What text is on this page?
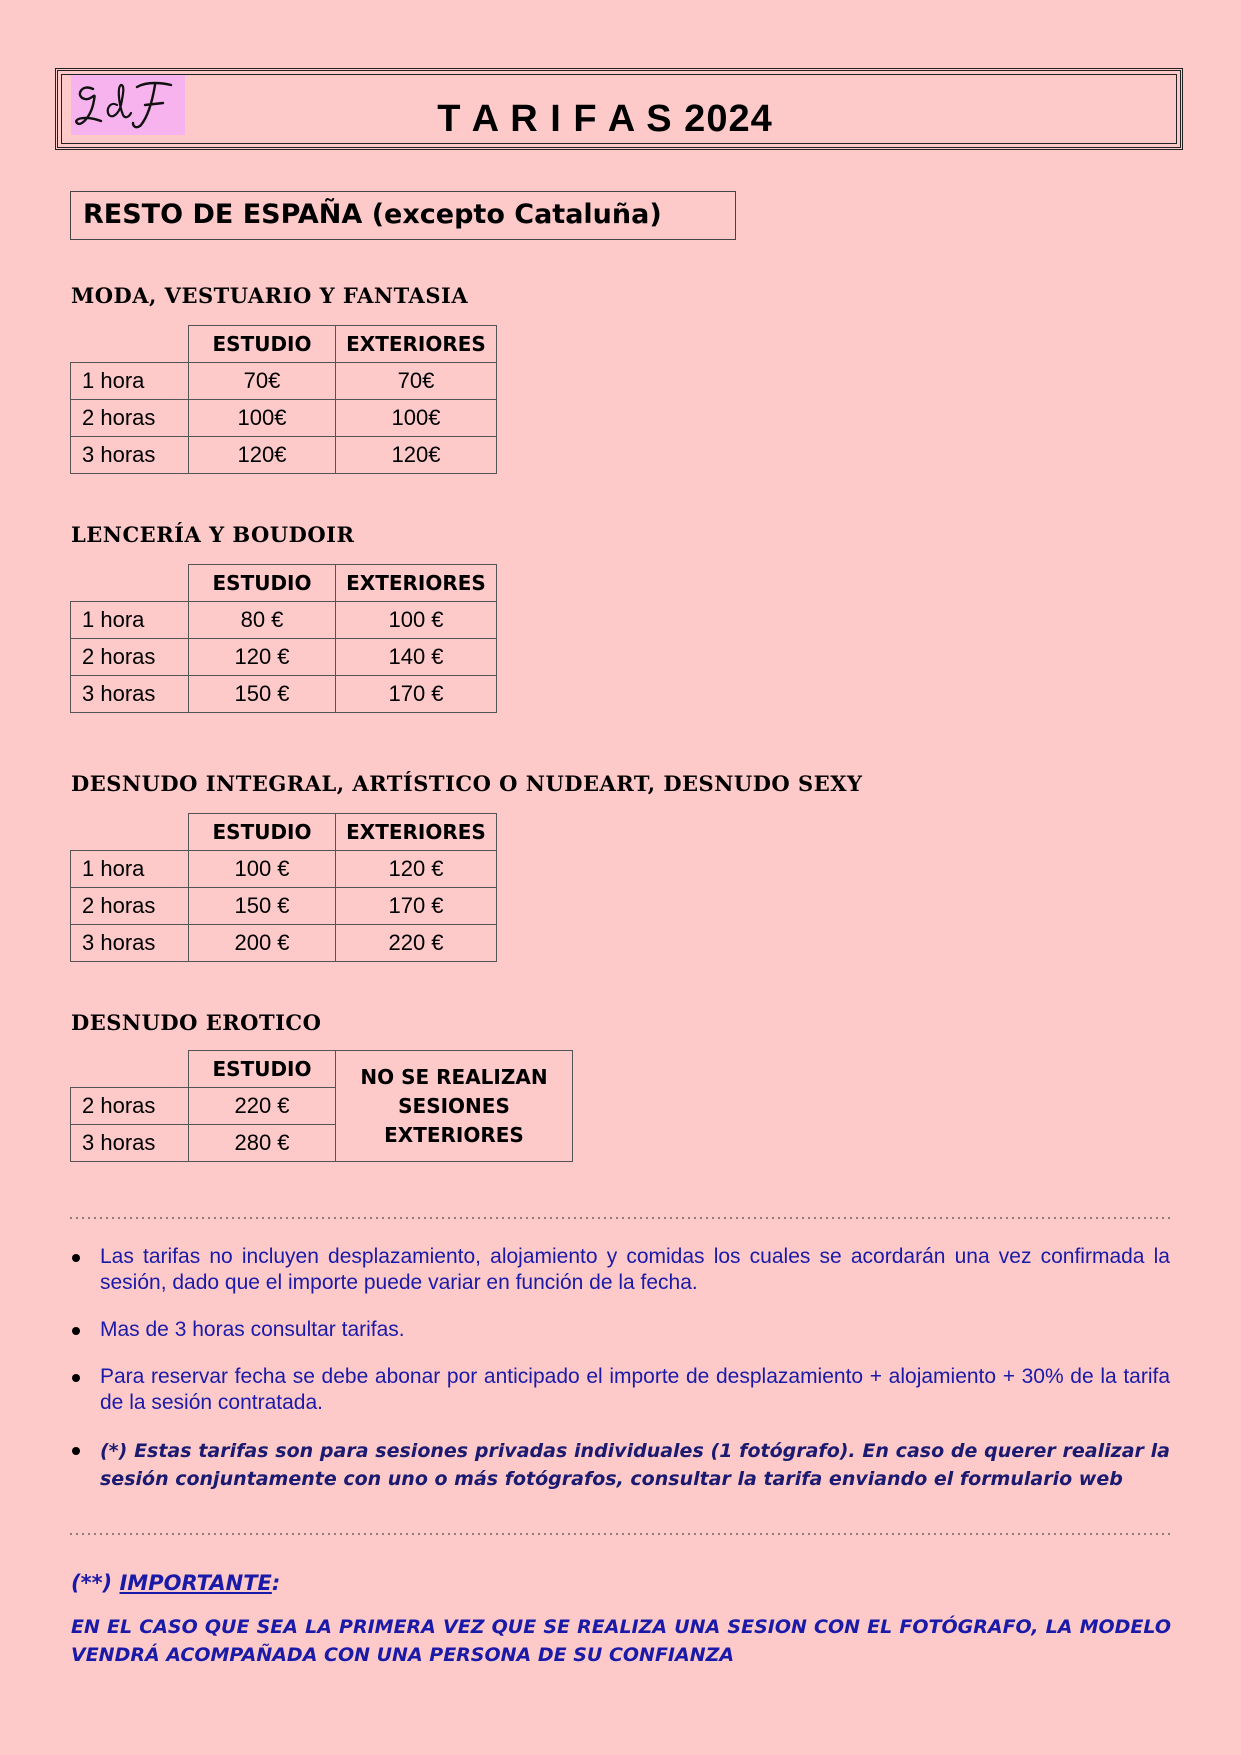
T A R I F A S 2024
RESTO DE ESPAÑA (excepto Cataluña)
MODA, VESTUARIO Y FANTASIA
	ESTUDIO	EXTERIORES
1 hora	70€	70€
2 horas	100€	100€
3 horas	120€	120€
LENCERÍA Y BOUDOIR
	ESTUDIO	EXTERIORES
1 hora	80 €	100 €
2 horas	120 €	140 €
3 horas	150 €	170 €
DESNUDO INTEGRAL, ARTÍSTICO O NUDEART, DESNUDO SEXY
	ESTUDIO	EXTERIORES
1 hora	100 €	120 €
2 horas	150 €	170 €
3 horas	200 €	220 €
DESNUDO EROTICO
	ESTUDIO	NO SE REALIZAN
SESIONES
EXTERIORES

2 horas	220 €	
3 horas	280 €	
Las tarifas no incluyen desplazamiento, alojamiento y comidas los cuales se acordarán una vez confirmada la sesión, dado que el importe puede variar en función de la fecha.
Mas de 3 horas consultar tarifas.
Para reservar fecha se debe abonar por anticipado el importe de desplazamiento + alojamiento + 30% de la tarifa de la sesión contratada.
(*) Estas tarifas son para sesiones privadas individuales (1 fotógrafo). En caso de querer realizar la sesión conjuntamente con uno o más fotógrafos, consultar la tarifa enviando el formulario web
(**) IMPORTANTE:
EN EL CASO QUE SEA LA PRIMERA VEZ QUE SE REALIZA UNA SESION CON EL FOTÓGRAFO, LA MODELO VENDRÁ ACOMPAÑADA CON UNA PERSONA DE SU CONFIANZA
